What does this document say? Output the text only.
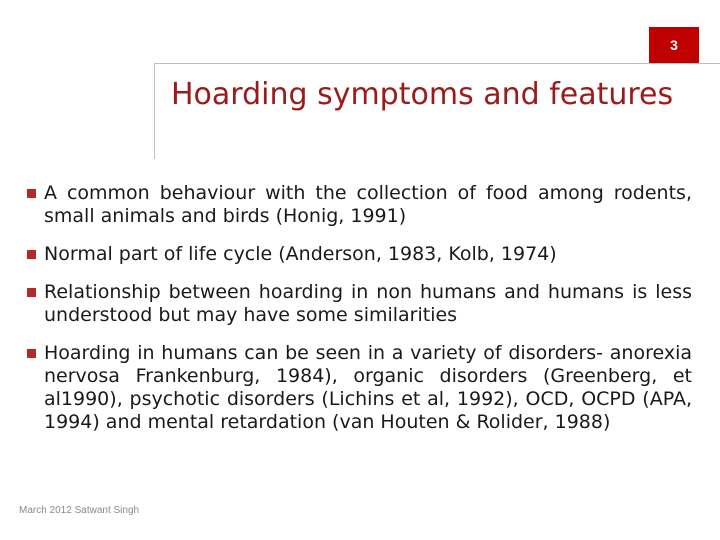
3
Hoarding symptoms and features
A common behaviour with the collection of food among rodents, small animals and birds (Honig, 1991)
Normal part of life cycle (Anderson, 1983, Kolb, 1974)
Relationship between hoarding in non humans and humans is less understood but may have some similarities
Hoarding in humans can be seen in a variety of disorders- anorexia nervosa Frankenburg, 1984), organic disorders (Greenberg, et al1990), psychotic disorders (Lichins et al, 1992), OCD, OCPD (APA, 1994) and mental retardation (van Houten & Rolider, 1988)
March 2012 Satwant Singh
